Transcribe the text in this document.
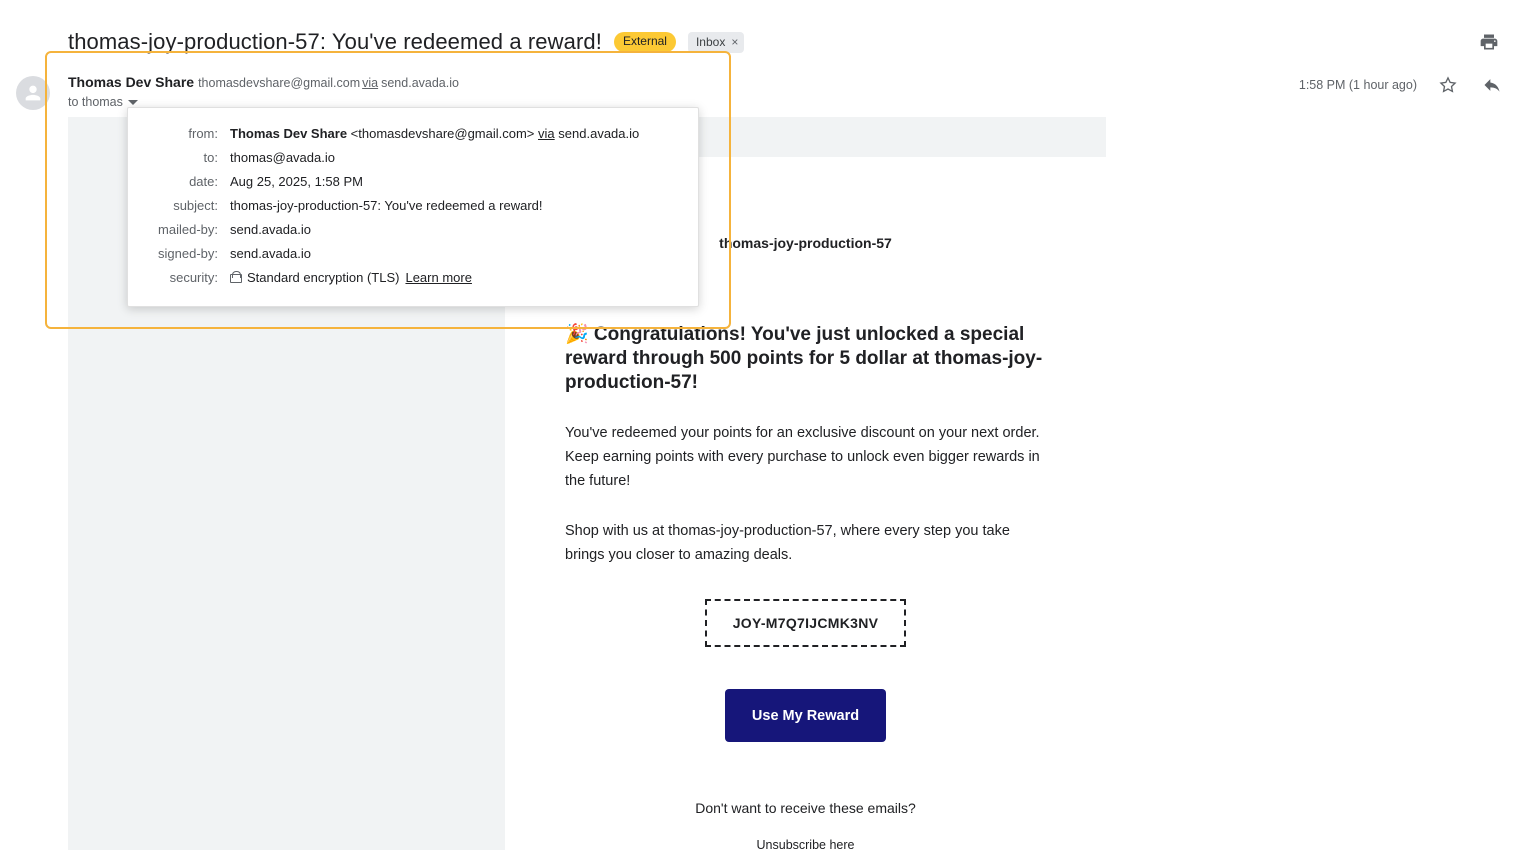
thomas-joy-production-57: You've redeemed a reward!	External	Inbox ×
Thomas Dev Share thomasdevshare@gmail.com via send.avada.io
to thomas
1:58 PM (1 hour ago)
thomas-joy-production-57
🎉 Congratulations! You've just unlocked a special reward through 500 points for 5 dollar at thomas-joy-production-57!
You've redeemed your points for an exclusive discount on your next order. Keep earning points with every purchase to unlock even bigger rewards in the future!
Shop with us at thomas-joy-production-57, where every step you take brings you closer to amazing deals.
JOY-M7Q7IJCMK3NV
Use My Reward
Don't want to receive these emails?
Unsubscribe here
from:	Thomas Dev Share <thomasdevshare@gmail.com> via send.avada.io
to:	thomas@avada.io
date:	Aug 25, 2025, 1:58 PM
subject:	thomas-joy-production-57: You've redeemed a reward!
mailed-by:	send.avada.io
signed-by:	send.avada.io
security:	Standard encryption (TLS) Learn more
